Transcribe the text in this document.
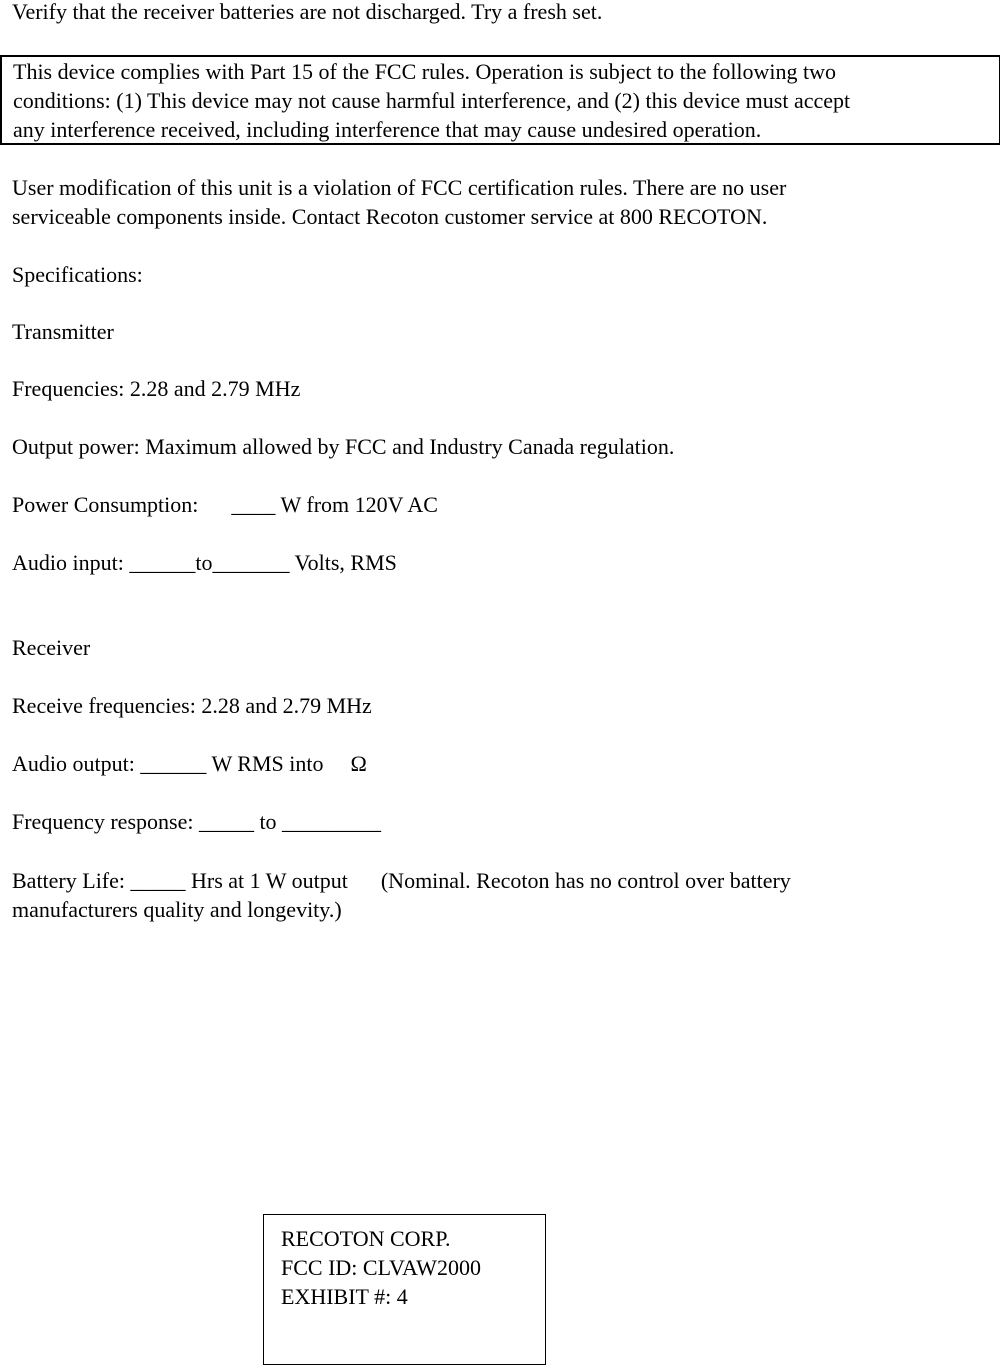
Verify that the receiver batteries are not discharged. Try a fresh set.

This device complies with Part 15 of the FCC rules. Operation is subject to the following two

conditions: (1) This device may not cause harmful interference, and (2) this device must accept

any interference received, including interference that may cause undesired operation.

User modification of this unit is a violation of FCC certification rules. There are no user

serviceable components inside. Contact Recoton customer service at 800 RECOTON.

Specifications:

Transmitter

Frequencies: 2.28 and 2.79 MHz

Output power: Maximum allowed by FCC and Industry Canada regulation.

Power Consumption: ____ W from 120V AC

Audio input: ______to_______ Volts, RMS

Receiver

Receive frequencies: 2.28 and 2.79 MHz

Audio output: ______ W RMS into Ω

Frequency response: _____ to _________

Battery Life: _____ Hrs at 1 W output (Nominal. Recoton has no control over battery

manufacturers quality and longevity.)

RECOTON CORP.
FCC ID: CLVAW2000
EXHIBIT #: 4
